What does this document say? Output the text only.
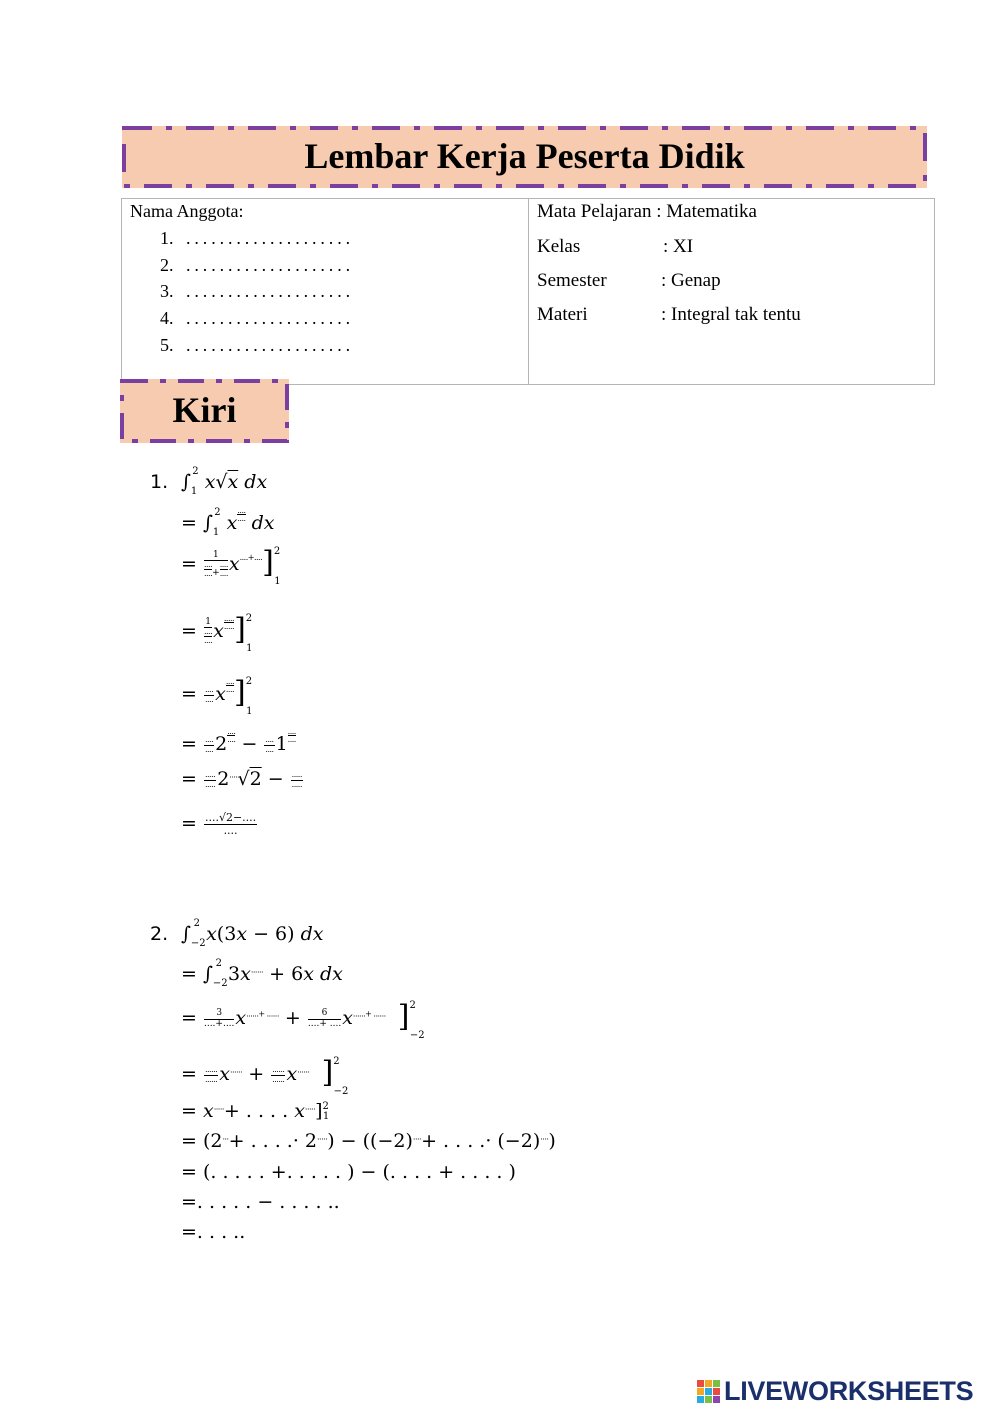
Lembar Kerja Peserta Didik
Nama Anggota:
1. ....................
2. ....................
3. ....................
4. ....................
5. ....................
Mata Pelajaran : Matematika
Kelas	: XI
Semester	: Genap
Materi	: Integral tak tentu
Kiri
1. $\int_1^2$ x√x dx
= $\int_1^2$ x
....
.... dx
= 1
....
.... +
....
.... x....+....]$^2_1$
= 1
....
.... x
.....
..... ]$^2_1$
= $\frac{....}{....}$ x
....
.... ]$^2_1$
= $\frac{....}{....} 2$
$^{.... ....} - \frac{....}{....} 1$
....
....
= $\frac{.....}{.....} 2^{....}√2 - \frac{.....}{.....}$
= $\frac{....√2-....}{....}$
2. $\int_{-2}^2$ x(3x − 6) dx
= $\int_{-2}^2$ 3x...... + 6x dx
= $\frac{3}{....+....} x^{......+ ......} + \frac{6}{....+ ....} x^{......+ ......}$ ]$^2_{-2}$
= $\frac{......}{......} x^{......} + \frac{......}{......} x^{......}$ ]$^2_{-2}$
= x.....+ . . . . x.....]$^2_1$
= (2...+ . . . .· 2.....) − ((−2)....+ . . . .· (−2)....)
= (. . . . . +. . . . . ) − (. . . . + . . . . )
=. . . . . − . . . . ..
=. . . ..
LIVEWORKSHEETS
